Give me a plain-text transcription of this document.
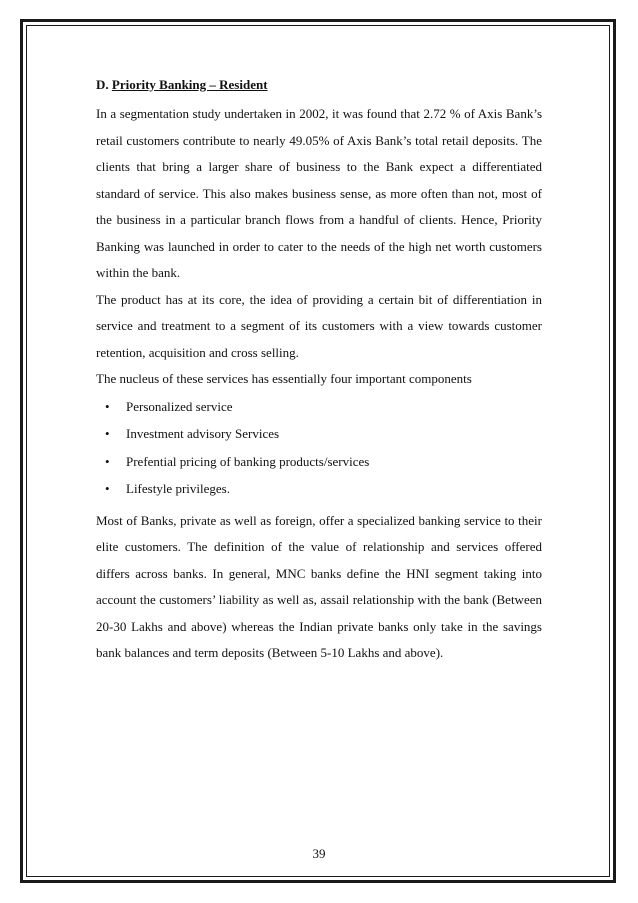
D. Priority Banking – Resident

In a segmentation study undertaken in 2002, it was found that 2.72 % of Axis Bank’s retail customers contribute to nearly 49.05% of Axis Bank’s total retail deposits. The clients that bring a larger share of business to the Bank expect a differentiated standard of service. This also makes business sense, as more often than not, most of the business in a particular branch flows from a handful of clients. Hence, Priority Banking was launched in order to cater to the needs of the high net worth customers within the bank.

The product has at its core, the idea of providing a certain bit of differentiation in service and treatment to a segment of its customers with a view towards customer retention, acquisition and cross selling.

The nucleus of these services has essentially four important components

• Personalized service
• Investment advisory Services
• Prefential pricing of banking products/services
• Lifestyle privileges.

Most of Banks, private as well as foreign, offer a specialized banking service to their elite customers. The definition of the value of relationship and services offered differs across banks. In general, MNC banks define the HNI segment taking into account the customers’ liability as well as, assail relationship with the bank (Between 20-30 Lakhs and above) whereas the Indian private banks only take in the savings bank balances and term deposits (Between 5-10 Lakhs and above).

39
